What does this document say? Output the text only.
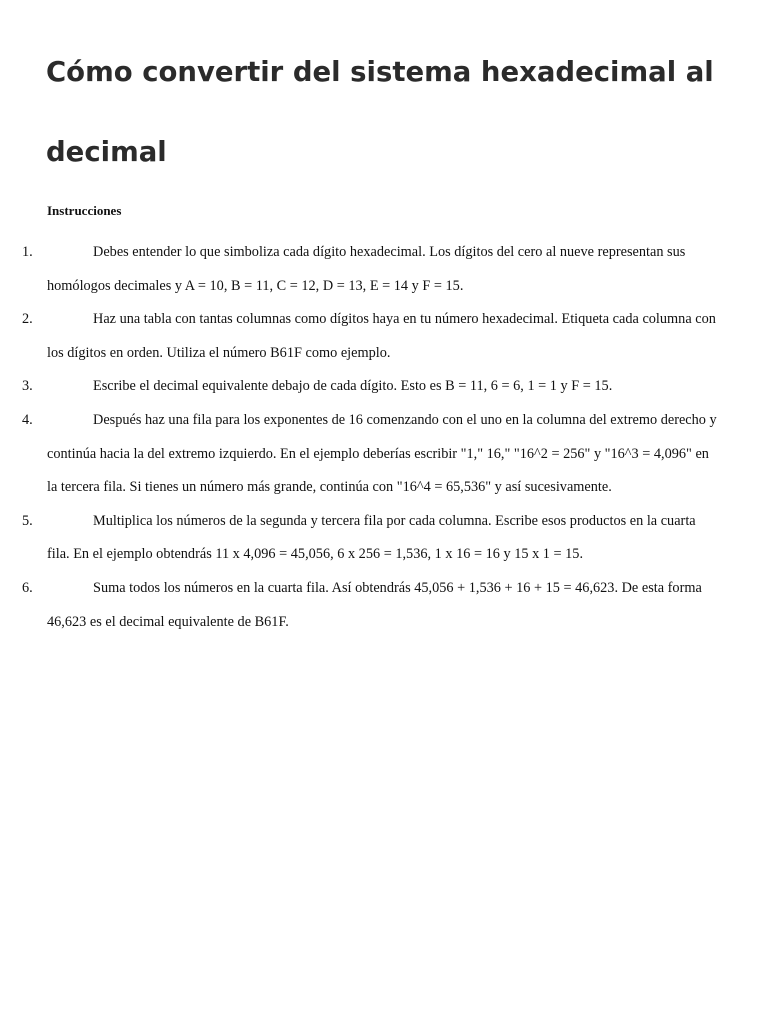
Cómo convertir del sistema hexadecimal al decimal

Instrucciones

1.	Debes entender lo que simboliza cada dígito hexadecimal. Los dígitos del cero al nueve representan sus homólogos decimales y A = 10, B = 11, C = 12, D = 13, E = 14 y F = 15.
2.	Haz una tabla con tantas columnas como dígitos haya en tu número hexadecimal. Etiqueta cada columna con los dígitos en orden. Utiliza el número B61F como ejemplo.
3.	Escribe el decimal equivalente debajo de cada dígito. Esto es B = 11, 6 = 6, 1 = 1 y F = 15.
4.	Después haz una fila para los exponentes de 16 comenzando con el uno en la columna del extremo derecho y continúa hacia la del extremo izquierdo. En el ejemplo deberías escribir "1," 16," "16^2 = 256" y "16^3 = 4,096" en la tercera fila. Si tienes un número más grande, continúa con "16^4 = 65,536" y así sucesivamente.
5.	Multiplica los números de la segunda y tercera fila por cada columna. Escribe esos productos en la cuarta fila. En el ejemplo obtendrás 11 x 4,096 = 45,056, 6 x 256 = 1,536, 1 x 16 = 16 y 15 x 1 = 15.
6.	Suma todos los números en la cuarta fila. Así obtendrás 45,056 + 1,536 + 16 + 15 = 46,623. De esta forma 46,623 es el decimal equivalente de B61F.
